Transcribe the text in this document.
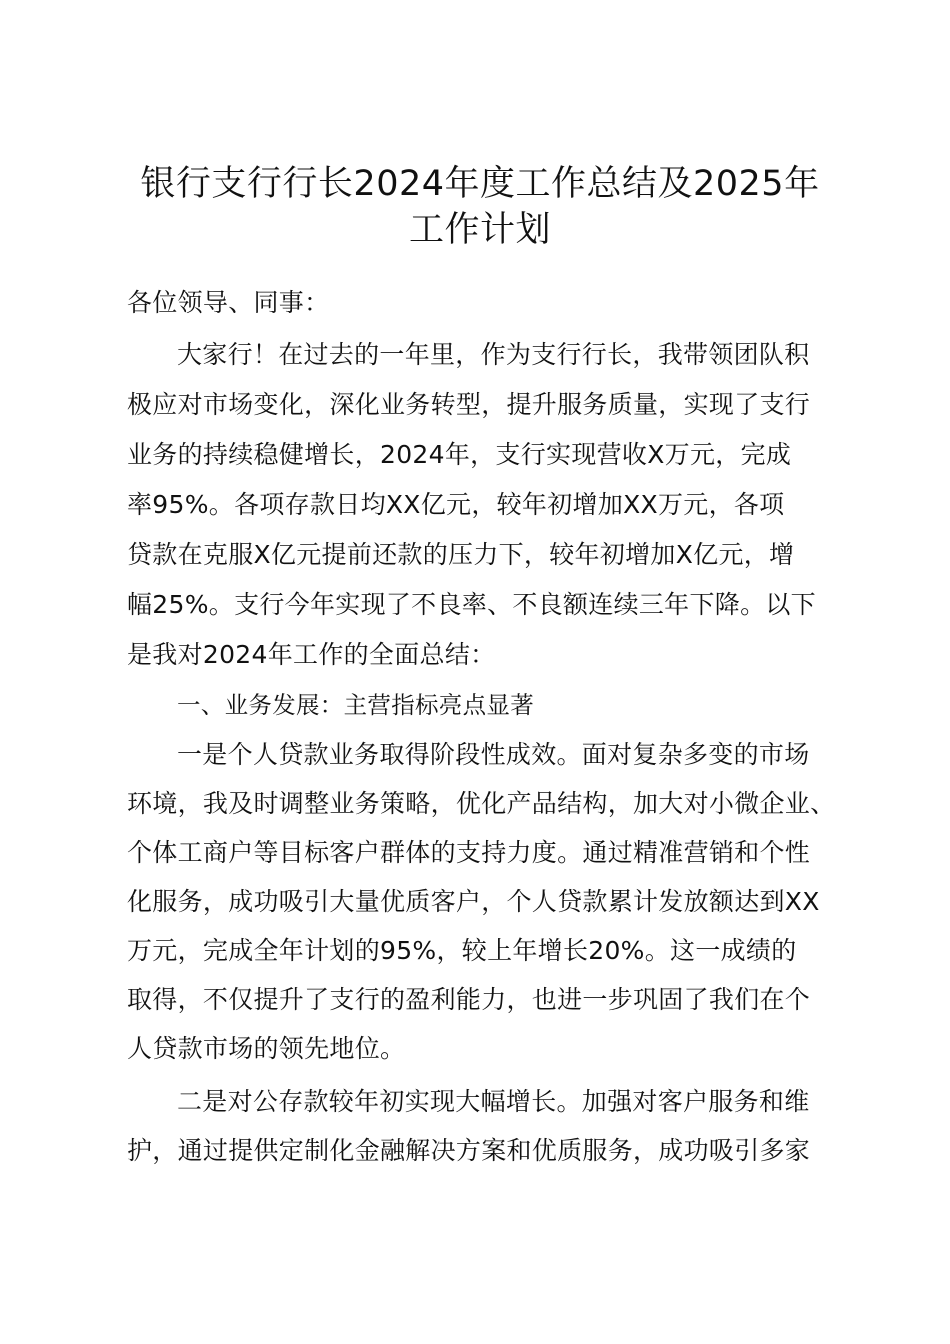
银行支行行长2024年度工作总结及2025年
工作计划
各位领导、同事：
大家行！在过去的一年里，作为支行行长，我带领团队积
极应对市场变化，深化业务转型，提升服务质量，实现了支行
业务的持续稳健增长，2024年，支行实现营收X万元，完成
率95%。各项存款日均XX亿元，较年初增加XX万元，各项
贷款在克服X亿元提前还款的压力下，较年初增加X亿元，增
幅25%。支行今年实现了不良率、不良额连续三年下降。以下
是我对2024年工作的全面总结：
一、业务发展：主营指标亮点显著
一是个人贷款业务取得阶段性成效。面对复杂多变的市场
环境，我及时调整业务策略，优化产品结构，加大对小微企业、
个体工商户等目标客户群体的支持力度。通过精准营销和个性
化服务，成功吸引大量优质客户，个人贷款累计发放额达到XX
万元，完成全年计划的95%，较上年增长20%。这一成绩的
取得，不仅提升了支行的盈利能力，也进一步巩固了我们在个
人贷款市场的领先地位。
二是对公存款较年初实现大幅增长。加强对客户服务和维
护，通过提供定制化金融解决方案和优质服务，成功吸引多家
